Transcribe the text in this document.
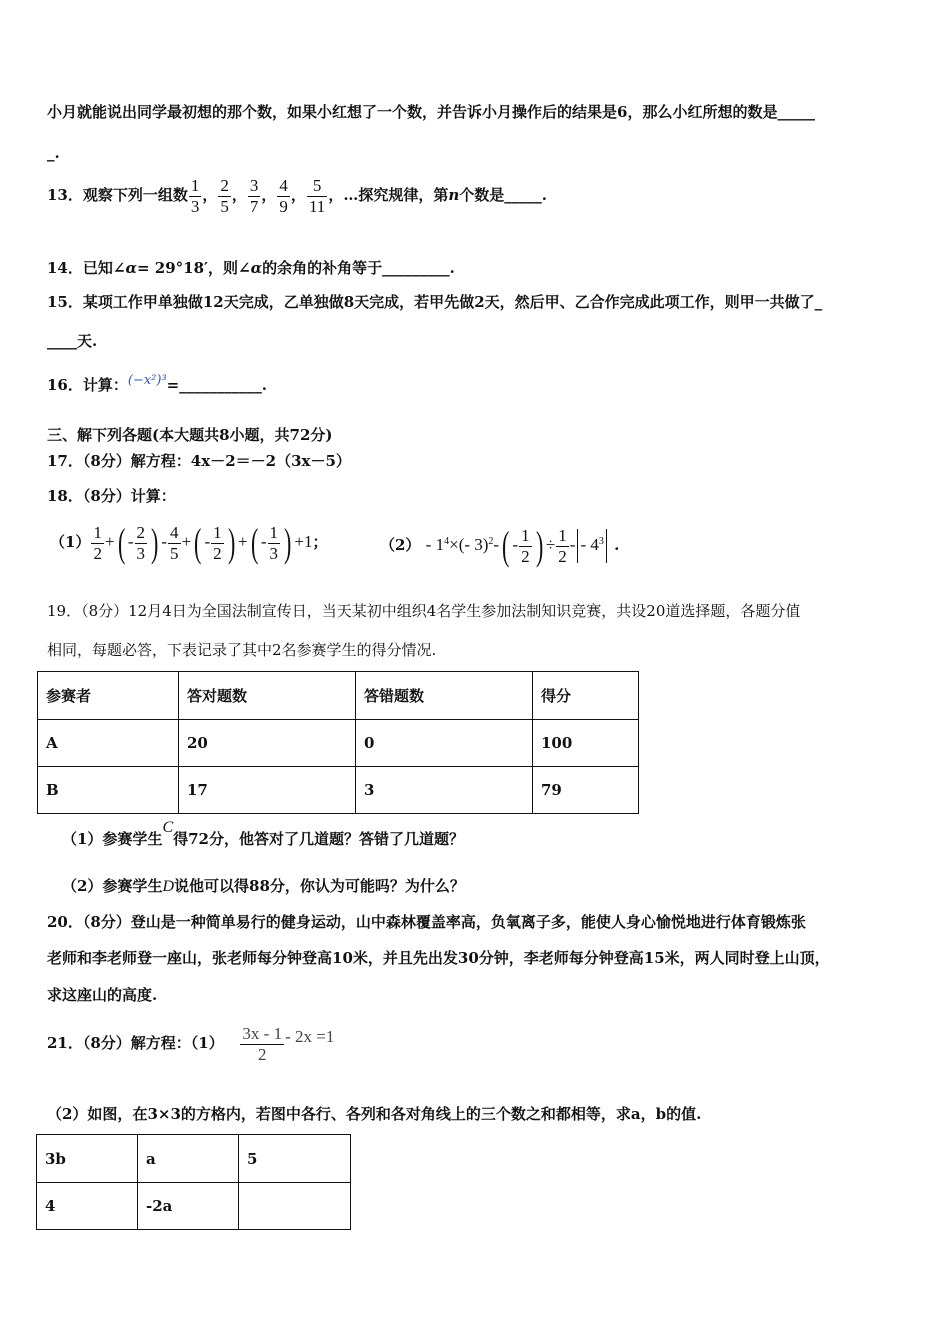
小月就能说出同学最初想的那个数，如果小红想了一个数，并告诉小月操作后的结果是6，那么小红所想的数是_____
_.
13．观察下列一组数 $\frac{1}{3}$ ， $\frac{2}{5}$ ， $\frac{3}{7}$ ， $\frac{4}{9}$ ， $\frac{5}{11}$ ，…探究规律，第n个数是_____.
14．已知∠α= 29°18′，则∠α的余角的补角等于_________.
15．某项工作甲单独做12天完成，乙单独做8天完成，若甲先做2天，然后甲、乙合作完成此项工作，则甲一共做了_
____天.
16．计算：(−x²)³=___________.
三、解下列各题(本大题共8小题，共72分)
17．（8分）解方程：4x－2＝－2（3x－5）
18．（8分）计算：
$(1) \frac{1}{2}$ +( - $\frac{2}{3}$ ) - $\frac{4}{5}$ +( - $\frac{1}{2}$ ) +( - $\frac{1}{3}$ ) +1；	$(2) - 1^4\times(-$ $3)^2-( - \frac{1}{2}$ ) ÷ $\frac{1}{2}$ - - $4^3$ .
19．（8分）12月4日为全国法制宣传日，当天某初中组织4名学生参加法制知识竞赛，共设20道选择题，各题分值
相同，每题必答，下表记录了其中2名参赛学生的得分情况.
参赛者	答对题数	答错题数	得分
A	20	0	100
B	17	3	79
（1）参赛学生C得72分，他答对了几道题？答错了几道题？
（2）参赛学生D说他可以得88分，你认为可能吗？为什么？
20．（8分）登山是一种简单易行的健身运动，山中森林覆盖率高，负氧离子多，能使人身心愉悦地进行体育锻炼张
老师和李老师登一座山，张老师每分钟登高10米，并且先出发30分钟，李老师每分钟登高15米，两人同时登上山顶，
求这座山的高度.
21．（8分）解方程：$(1) \frac{3x - 1}{2} - 2x =1$
（2）如图，在3×3的方格内，若图中各行、各列和各对角线上的三个数之和都相等，求a，b的值.
3b	a	5
4	-2a	
